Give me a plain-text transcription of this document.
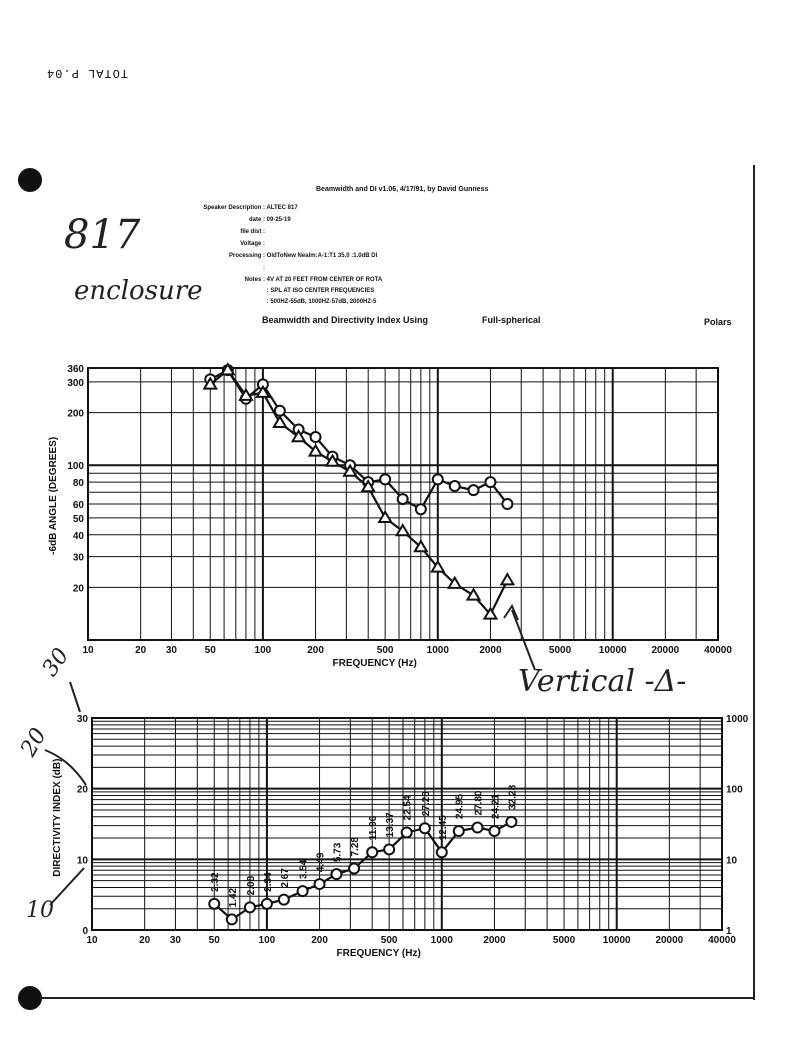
TOTAL P.04
817
enclosure
Vertical -Δ-
30
20
10
Beamwidth and DI v1.06, 4/17/91, by David Gunness
Speaker Description : ALTEC 817
date : 09-25-19
file dist :
Voltage :
Processing : OldToNew Nealm:A-1:T1 35.0 :1.0dB DI
:
Notes : 4V AT 20 FEET FROM CENTER OF ROTA
: SPL AT ISO CENTER FREQUENCIES
: 500HZ-55dB, 1000HZ-57dB, 2000HZ-5
Beamwidth and Directivity Index Using	Full-spherical	Polars
10	20 30	50	100	200	500	1000	2000	5000	10000 20000 40000
20
30
40
50
60
80
100
200
300
360
FREQUENCY (Hz)
-6dB ANGLE (DEGREES)
1
10
100
1000
10	20 30	50	100	200	500	1000	2000	5000	10000 20000 40000
0
10
20
30
FREQUENCY (Hz)
DIRECTIVITY INDEX (dB)
2.32
1.42
2.08 2.34 2.67 3.54 4.49
5.73 7.28
11.96 13.37
22.54 27.28
12.45
24.95 27.80 24.21 32.28
